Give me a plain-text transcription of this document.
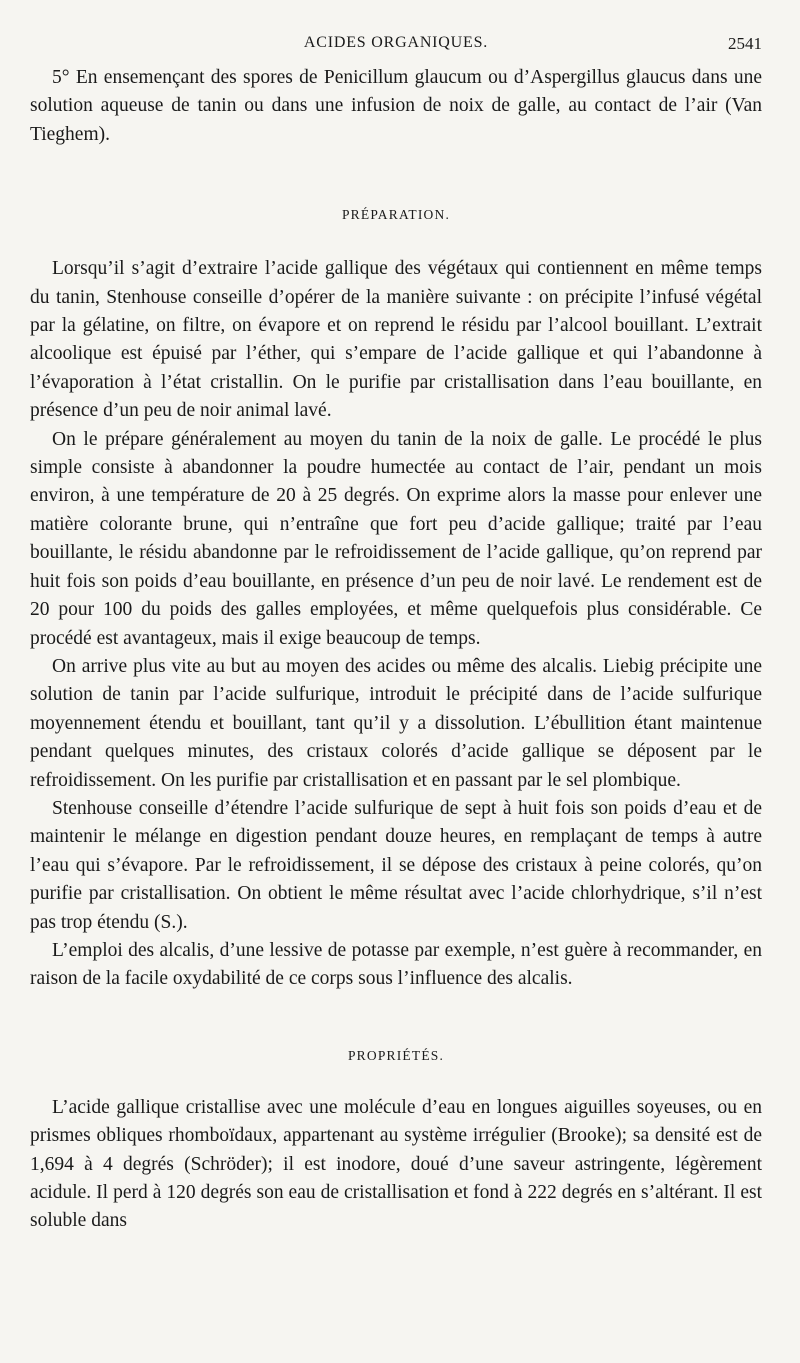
ACIDES ORGANIQUES.	2541

5° En ensemençant des spores de Penicillum glaucum ou d’Aspergillus glaucus dans une solution aqueuse de tanin ou dans une infusion de noix de galle, au contact de l’air (Van Tieghem).

PRÉPARATION.

Lorsqu’il s’agit d’extraire l’acide gallique des végétaux qui contiennent en même temps du tanin, Stenhouse conseille d’opérer de la manière suivante : on précipite l’infusé végétal par la gélatine, on filtre, on évapore et on reprend le résidu par l’alcool bouillant. L’extrait alcoolique est épuisé par l’éther, qui s’empare de l’acide gallique et qui l’abandonne à l’évaporation à l’état cristallin. On le purifie par cristallisation dans l’eau bouillante, en présence d’un peu de noir animal lavé.

On le prépare généralement au moyen du tanin de la noix de galle. Le procédé le plus simple consiste à abandonner la poudre humectée au contact de l’air, pendant un mois environ, à une température de 20 à 25 degrés. On exprime alors la masse pour enlever une matière colorante brune, qui n’entraîne que fort peu d’acide gallique; traité par l’eau bouillante, le résidu abandonne par le refroidissement de l’acide gallique, qu’on reprend par huit fois son poids d’eau bouillante, en présence d’un peu de noir lavé. Le rendement est de 20 pour 100 du poids des galles employées, et même quelquefois plus considérable. Ce procédé est avantageux, mais il exige beaucoup de temps.

On arrive plus vite au but au moyen des acides ou même des alcalis. Liebig précipite une solution de tanin par l’acide sulfurique, introduit le précipité dans de l’acide sulfurique moyennement étendu et bouillant, tant qu’il y a dissolution. L’ébullition étant maintenue pendant quelques minutes, des cristaux colorés d’acide gallique se déposent par le refroidissement. On les purifie par cristallisation et en passant par le sel plombique.

Stenhouse conseille d’étendre l’acide sulfurique de sept à huit fois son poids d’eau et de maintenir le mélange en digestion pendant douze heures, en remplaçant de temps à autre l’eau qui s’évapore. Par le refroidissement, il se dépose des cristaux à peine colorés, qu’on purifie par cristallisation. On obtient le même résultat avec l’acide chlorhydrique, s’il n’est pas trop étendu (S.).

L’emploi des alcalis, d’une lessive de potasse par exemple, n’est guère à recommander, en raison de la facile oxydabilité de ce corps sous l’influence des alcalis.

PROPRIÉTÉS.

L’acide gallique cristallise avec une molécule d’eau en longues aiguilles soyeuses, ou en prismes obliques rhomboïdaux, appartenant au système irrégulier (Brooke); sa densité est de 1,694 à 4 degrés (Schröder); il est inodore, doué d’une saveur astringente, légèrement acidule. Il perd à 120 degrés son eau de cristallisation et fond à 222 degrés en s’altérant. Il est soluble dans
